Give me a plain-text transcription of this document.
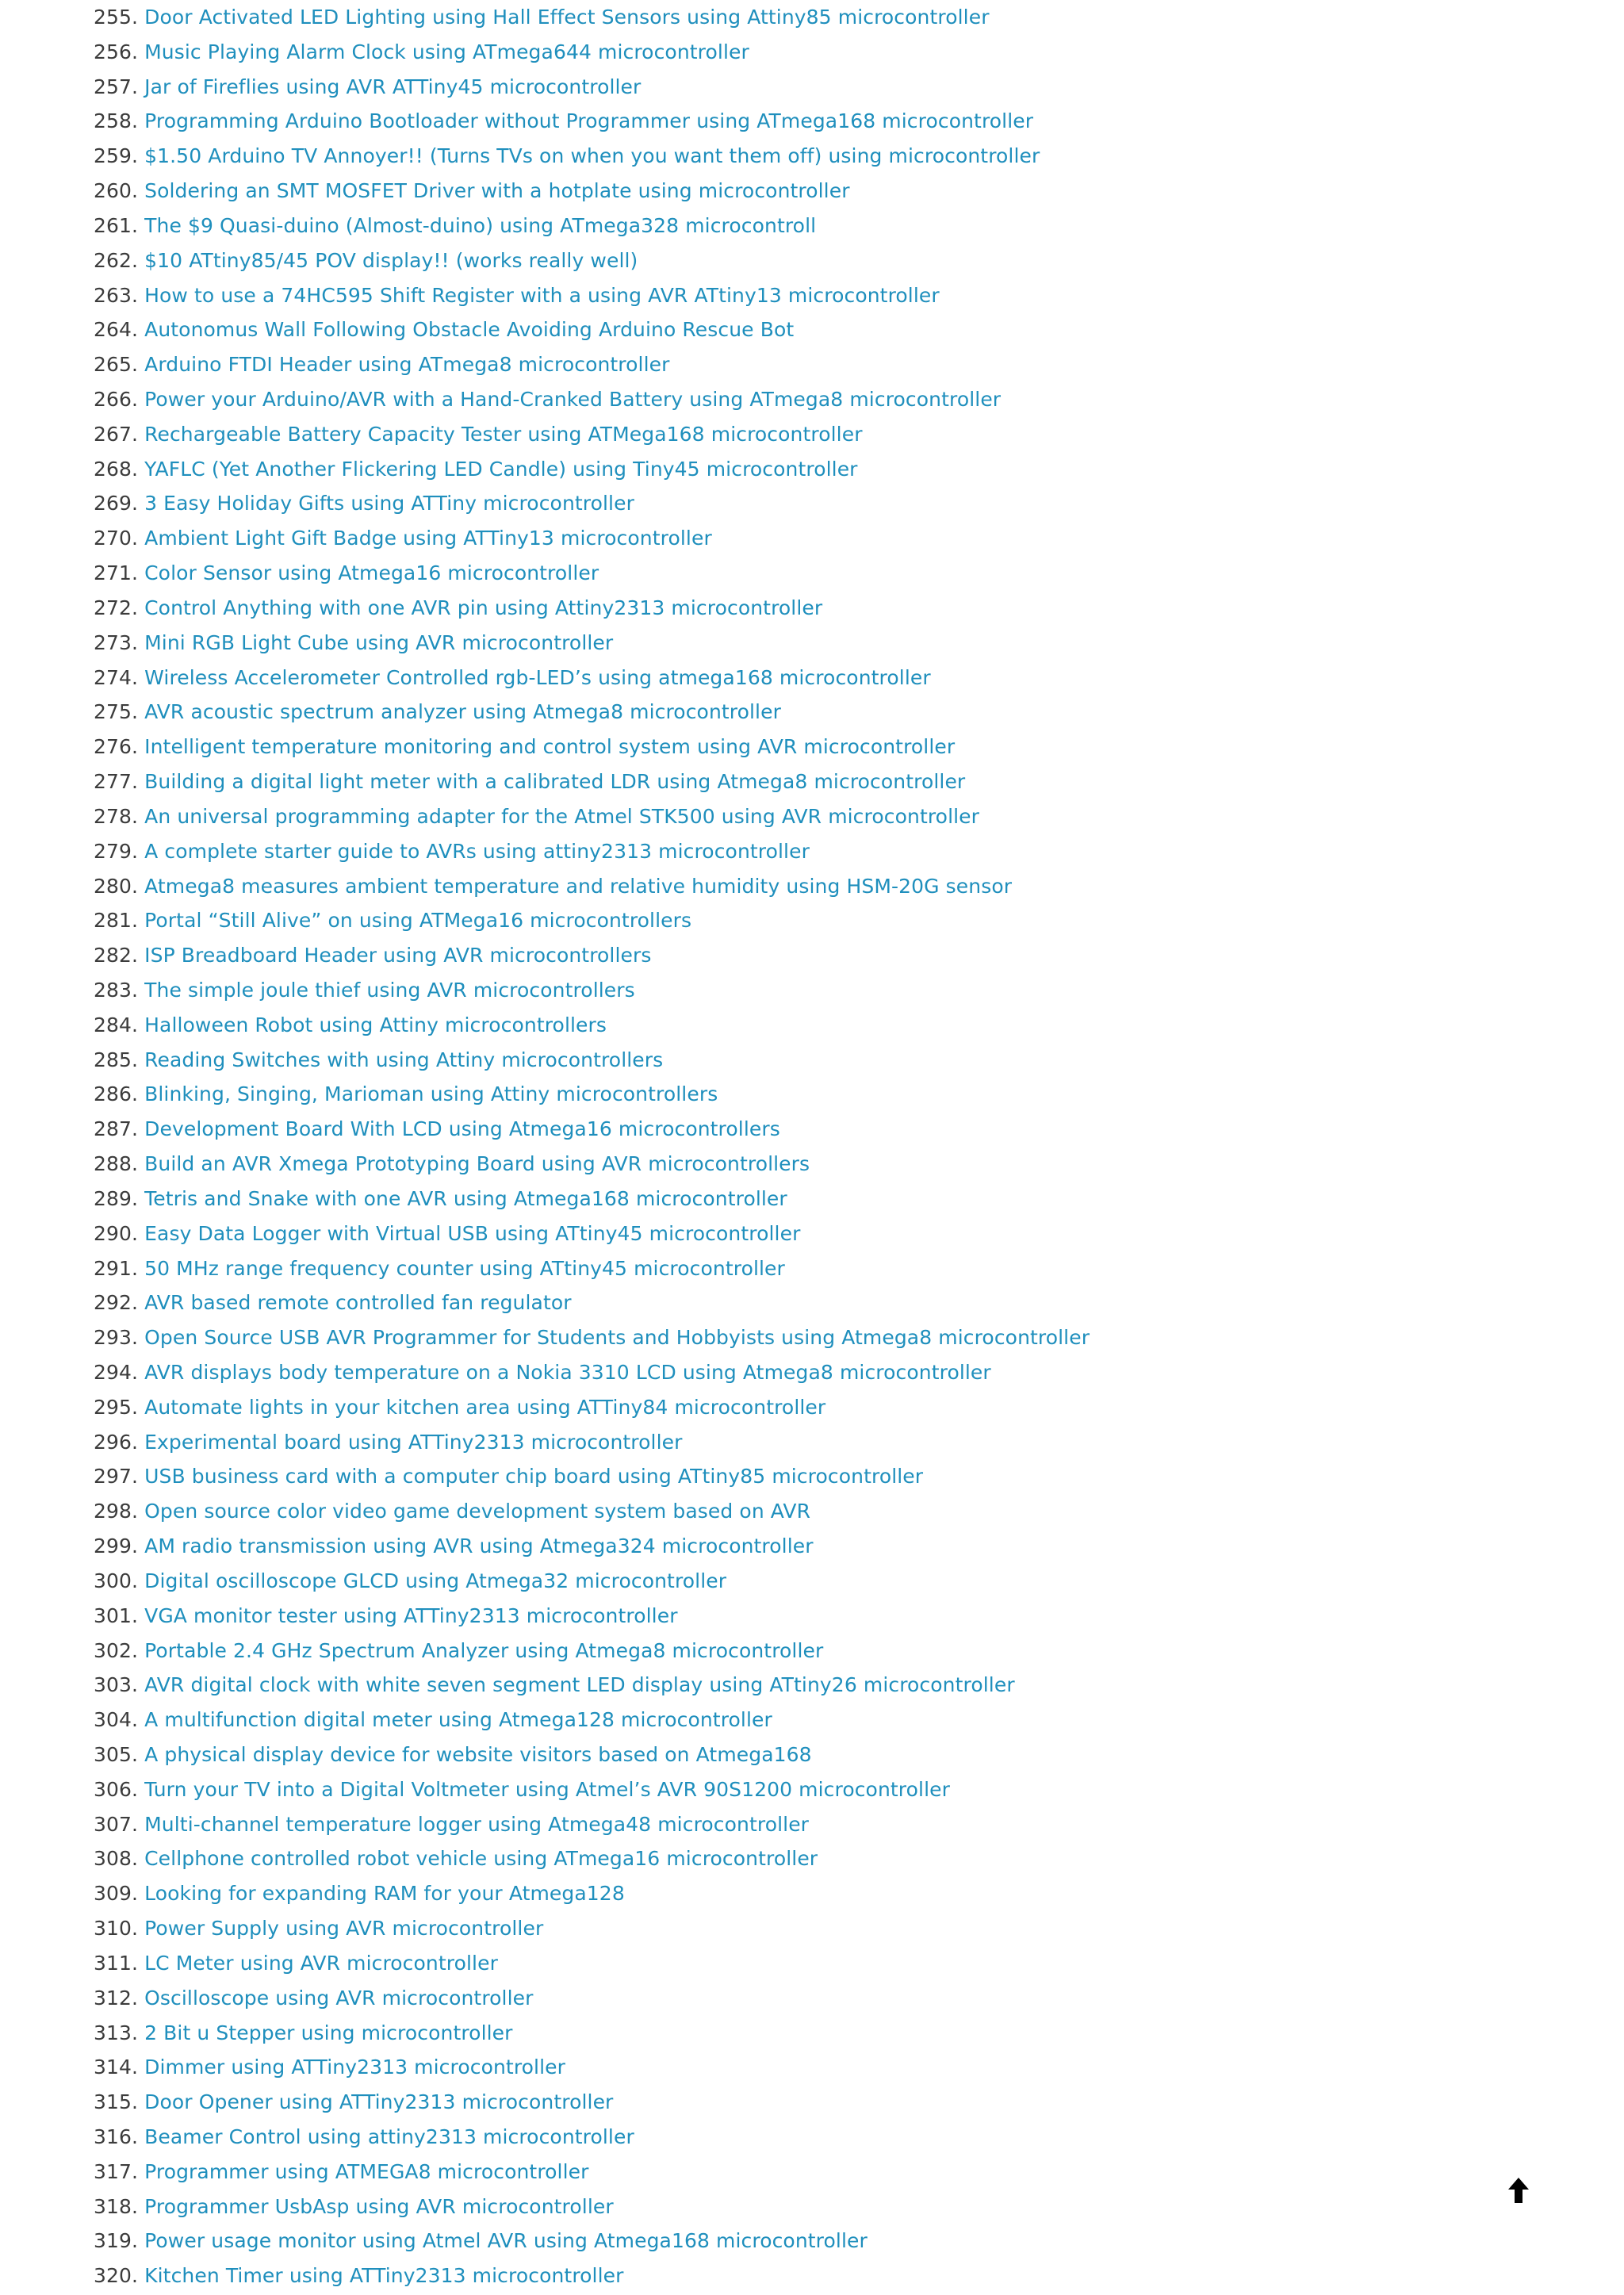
255. Door Activated LED Lighting using Hall Effect Sensors using Attiny85 microcontroller
256. Music Playing Alarm Clock using ATmega644 microcontroller
257. Jar of Fireflies using AVR ATTiny45 microcontroller
258. Programming Arduino Bootloader without Programmer using ATmega168 microcontroller
259. $1.50 Arduino TV Annoyer!! (Turns TVs on when you want them off) using microcontroller
260. Soldering an SMT MOSFET Driver with a hotplate using microcontroller
261. The $9 Quasi-duino (Almost-duino) using ATmega328 microcontroll
262. $10 ATtiny85/45 POV display!! (works really well)
263. How to use a 74HC595 Shift Register with a using AVR ATtiny13 microcontroller
264. Autonomus Wall Following Obstacle Avoiding Arduino Rescue Bot
265. Arduino FTDI Header using ATmega8 microcontroller
266. Power your Arduino/AVR with a Hand-Cranked Battery using ATmega8 microcontroller
267. Rechargeable Battery Capacity Tester using ATMega168 microcontroller
268. YAFLC (Yet Another Flickering LED Candle) using Tiny45 microcontroller
269. 3 Easy Holiday Gifts using ATTiny microcontroller
270. Ambient Light Gift Badge using ATTiny13 microcontroller
271. Color Sensor using Atmega16 microcontroller
272. Control Anything with one AVR pin using Attiny2313 microcontroller
273. Mini RGB Light Cube using AVR microcontroller
274. Wireless Accelerometer Controlled rgb-LED’s using atmega168 microcontroller
275. AVR acoustic spectrum analyzer using Atmega8 microcontroller
276. Intelligent temperature monitoring and control system using AVR microcontroller
277. Building a digital light meter with a calibrated LDR using Atmega8 microcontroller
278. An universal programming adapter for the Atmel STK500 using AVR microcontroller
279. A complete starter guide to AVRs using attiny2313 microcontroller
280. Atmega8 measures ambient temperature and relative humidity using HSM-20G sensor
281. Portal “Still Alive” on using ATMega16 microcontrollers
282. ISP Breadboard Header using AVR microcontrollers
283. The simple joule thief using AVR microcontrollers
284. Halloween Robot using Attiny microcontrollers
285. Reading Switches with using Attiny microcontrollers
286. Blinking, Singing, Marioman using Attiny microcontrollers
287. Development Board With LCD using Atmega16 microcontrollers
288. Build an AVR Xmega Prototyping Board using AVR microcontrollers
289. Tetris and Snake with one AVR using Atmega168 microcontroller
290. Easy Data Logger with Virtual USB using ATtiny45 microcontroller
291. 50 MHz range frequency counter using ATtiny45 microcontroller
292. AVR based remote controlled fan regulator
293. Open Source USB AVR Programmer for Students and Hobbyists using Atmega8 microcontroller
294. AVR displays body temperature on a Nokia 3310 LCD using Atmega8 microcontroller
295. Automate lights in your kitchen area using ATTiny84 microcontroller
296. Experimental board using ATTiny2313 microcontroller
297. USB business card with a computer chip board using ATtiny85 microcontroller
298. Open source color video game development system based on AVR
299. AM radio transmission using AVR using Atmega324 microcontroller
300. Digital oscilloscope GLCD using Atmega32 microcontroller
301. VGA monitor tester using ATTiny2313 microcontroller
302. Portable 2.4 GHz Spectrum Analyzer using Atmega8 microcontroller
303. AVR digital clock with white seven segment LED display using ATtiny26 microcontroller
304. A multifunction digital meter using Atmega128 microcontroller
305. A physical display device for website visitors based on Atmega168
306. Turn your TV into a Digital Voltmeter using Atmel’s AVR 90S1200 microcontroller
307. Multi-channel temperature logger using Atmega48 microcontroller
308. Cellphone controlled robot vehicle using ATmega16 microcontroller
309. Looking for expanding RAM for your Atmega128
310. Power Supply using AVR microcontroller
311. LC Meter using AVR microcontroller
312. Oscilloscope using AVR microcontroller
313. 2 Bit u Stepper using microcontroller
314. Dimmer using ATTiny2313 microcontroller
315. Door Opener using ATTiny2313 microcontroller
316. Beamer Control using attiny2313 microcontroller
317. Programmer using ATMEGA8 microcontroller
318. Programmer UsbAsp using AVR microcontroller
319. Power usage monitor using Atmel AVR using Atmega168 microcontroller
320. Kitchen Timer using ATTiny2313 microcontroller
